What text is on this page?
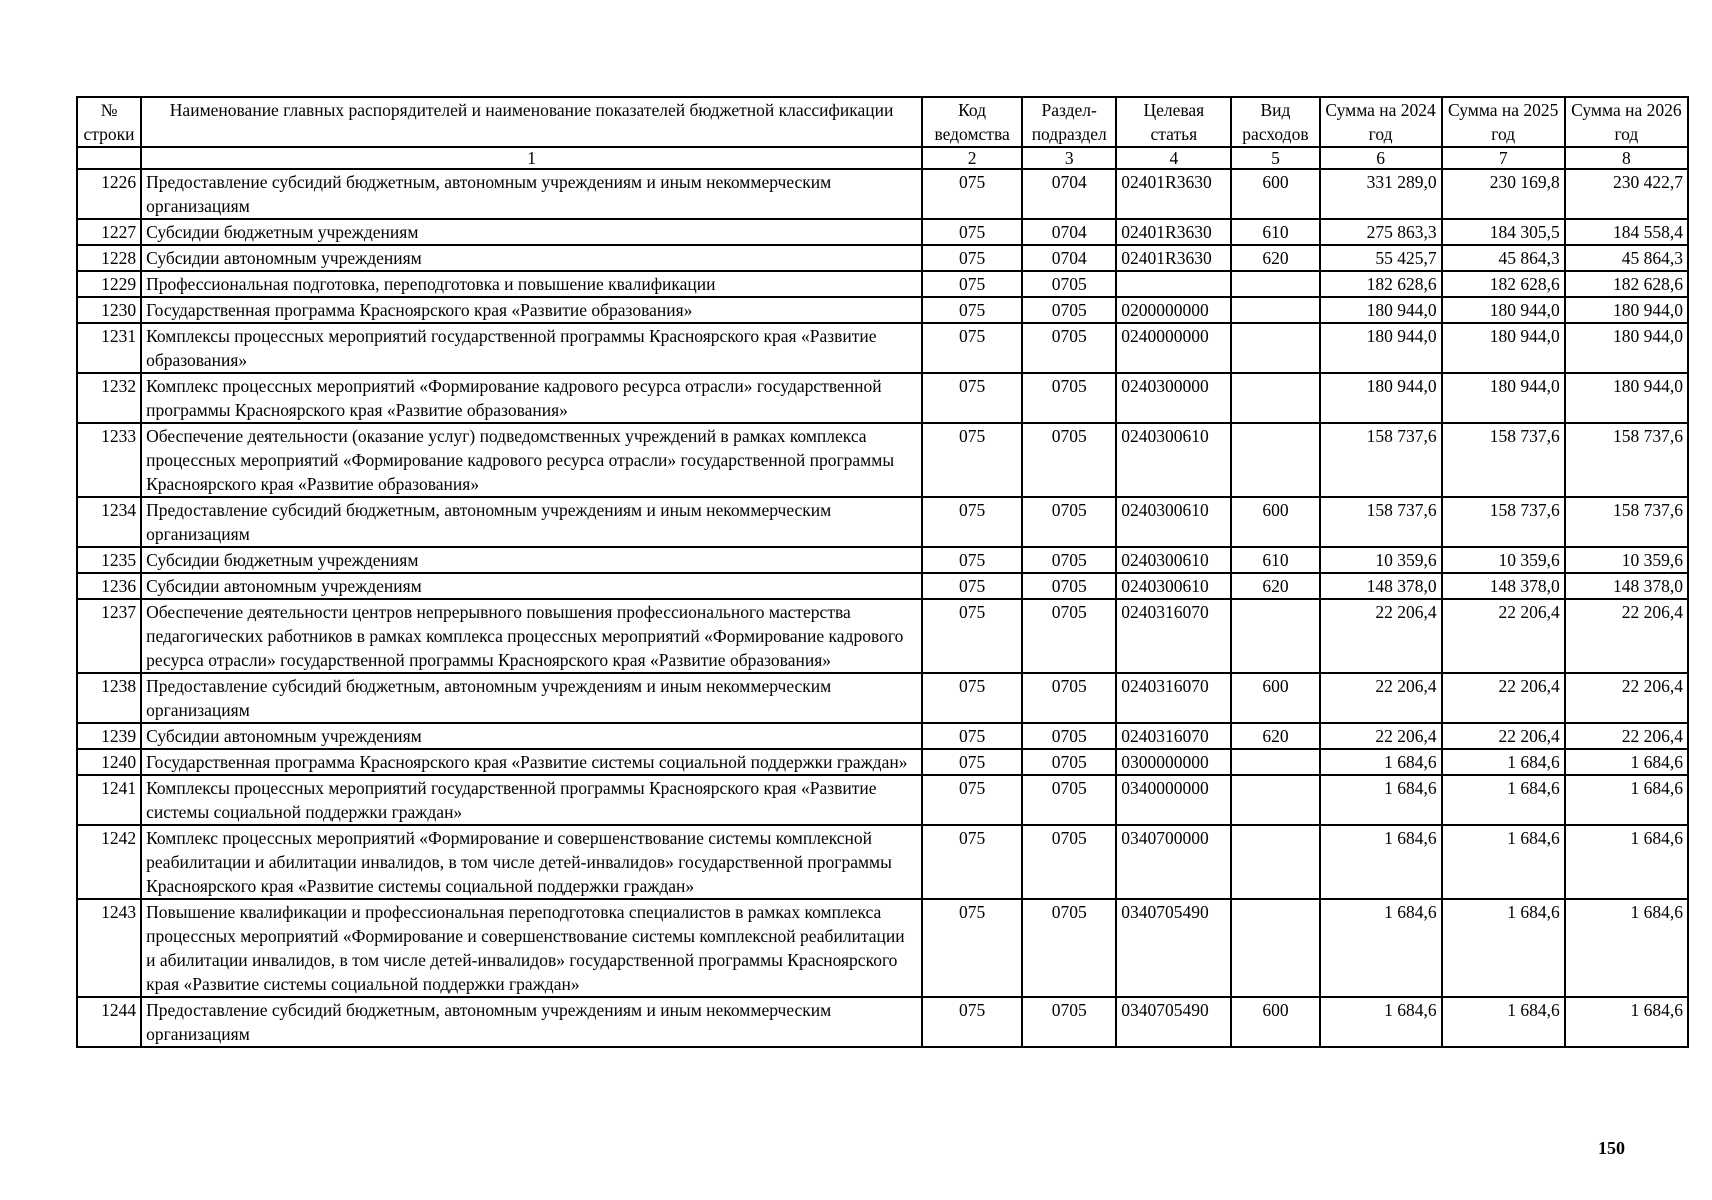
№ строки	Наименование главных распорядителей и наименование показателей бюджетной классификации	Код ведомства	Раздел-подраздел	Целевая статья	Вид расходов	Сумма на 2024 год	Сумма на 2025 год	Сумма на 2026 год
	1	2	3	4	5	6	7	8
1226	Предоставление субсидий бюджетным, автономным учреждениям и иным некоммерческим организациям	075	0704	02401R3630	600	331 289,0	230 169,8	230 422,7
1227	Субсидии бюджетным учреждениям	075	0704	02401R3630	610	275 863,3	184 305,5	184 558,4
1228	Субсидии автономным учреждениям	075	0704	02401R3630	620	55 425,7	45 864,3	45 864,3
1229	Профессиональная подготовка, переподготовка и повышение квалификации	075	0705			182 628,6	182 628,6	182 628,6
1230	Государственная программа Красноярского края «Развитие образования»	075	0705	0200000000		180 944,0	180 944,0	180 944,0
1231	Комплексы процессных мероприятий государственной программы Красноярского края «Развитие образования»	075	0705	0240000000		180 944,0	180 944,0	180 944,0
1232	Комплекс процессных мероприятий «Формирование кадрового ресурса отрасли» государственной программы Красноярского края «Развитие образования»	075	0705	0240300000		180 944,0	180 944,0	180 944,0
1233	Обеспечение деятельности (оказание услуг) подведомственных учреждений в рамках комплекса процессных мероприятий «Формирование кадрового ресурса отрасли» государственной программы Красноярского края «Развитие образования»	075	0705	0240300610		158 737,6	158 737,6	158 737,6
1234	Предоставление субсидий бюджетным, автономным учреждениям и иным некоммерческим организациям	075	0705	0240300610	600	158 737,6	158 737,6	158 737,6
1235	Субсидии бюджетным учреждениям	075	0705	0240300610	610	10 359,6	10 359,6	10 359,6
1236	Субсидии автономным учреждениям	075	0705	0240300610	620	148 378,0	148 378,0	148 378,0
1237	Обеспечение деятельности центров непрерывного повышения профессионального мастерства педагогических работников в рамках комплекса процессных мероприятий «Формирование кадрового ресурса отрасли» государственной программы Красноярского края «Развитие образования»	075	0705	0240316070		22 206,4	22 206,4	22 206,4
1238	Предоставление субсидий бюджетным, автономным учреждениям и иным некоммерческим организациям	075	0705	0240316070	600	22 206,4	22 206,4	22 206,4
1239	Субсидии автономным учреждениям	075	0705	0240316070	620	22 206,4	22 206,4	22 206,4
1240	Государственная программа Красноярского края «Развитие системы социальной поддержки граждан»	075	0705	0300000000		1 684,6	1 684,6	1 684,6
1241	Комплексы процессных мероприятий государственной программы Красноярского края «Развитие системы социальной поддержки граждан»	075	0705	0340000000		1 684,6	1 684,6	1 684,6
1242	Комплекс процессных мероприятий «Формирование и совершенствование системы комплексной реабилитации и абилитации инвалидов, в том числе детей-инвалидов» государственной программы Красноярского края «Развитие системы социальной поддержки граждан»	075	0705	0340700000		1 684,6	1 684,6	1 684,6
1243	Повышение квалификации и профессиональная переподготовка специалистов в рамках комплекса процессных мероприятий «Формирование и совершенствование системы комплексной реабилитации и абилитации инвалидов, в том числе детей-инвалидов» государственной программы Красноярского края «Развитие системы социальной поддержки граждан»	075	0705	0340705490		1 684,6	1 684,6	1 684,6
1244	Предоставление субсидий бюджетным, автономным учреждениям и иным некоммерческим организациям	075	0705	0340705490	600	1 684,6	1 684,6	1 684,6
150
